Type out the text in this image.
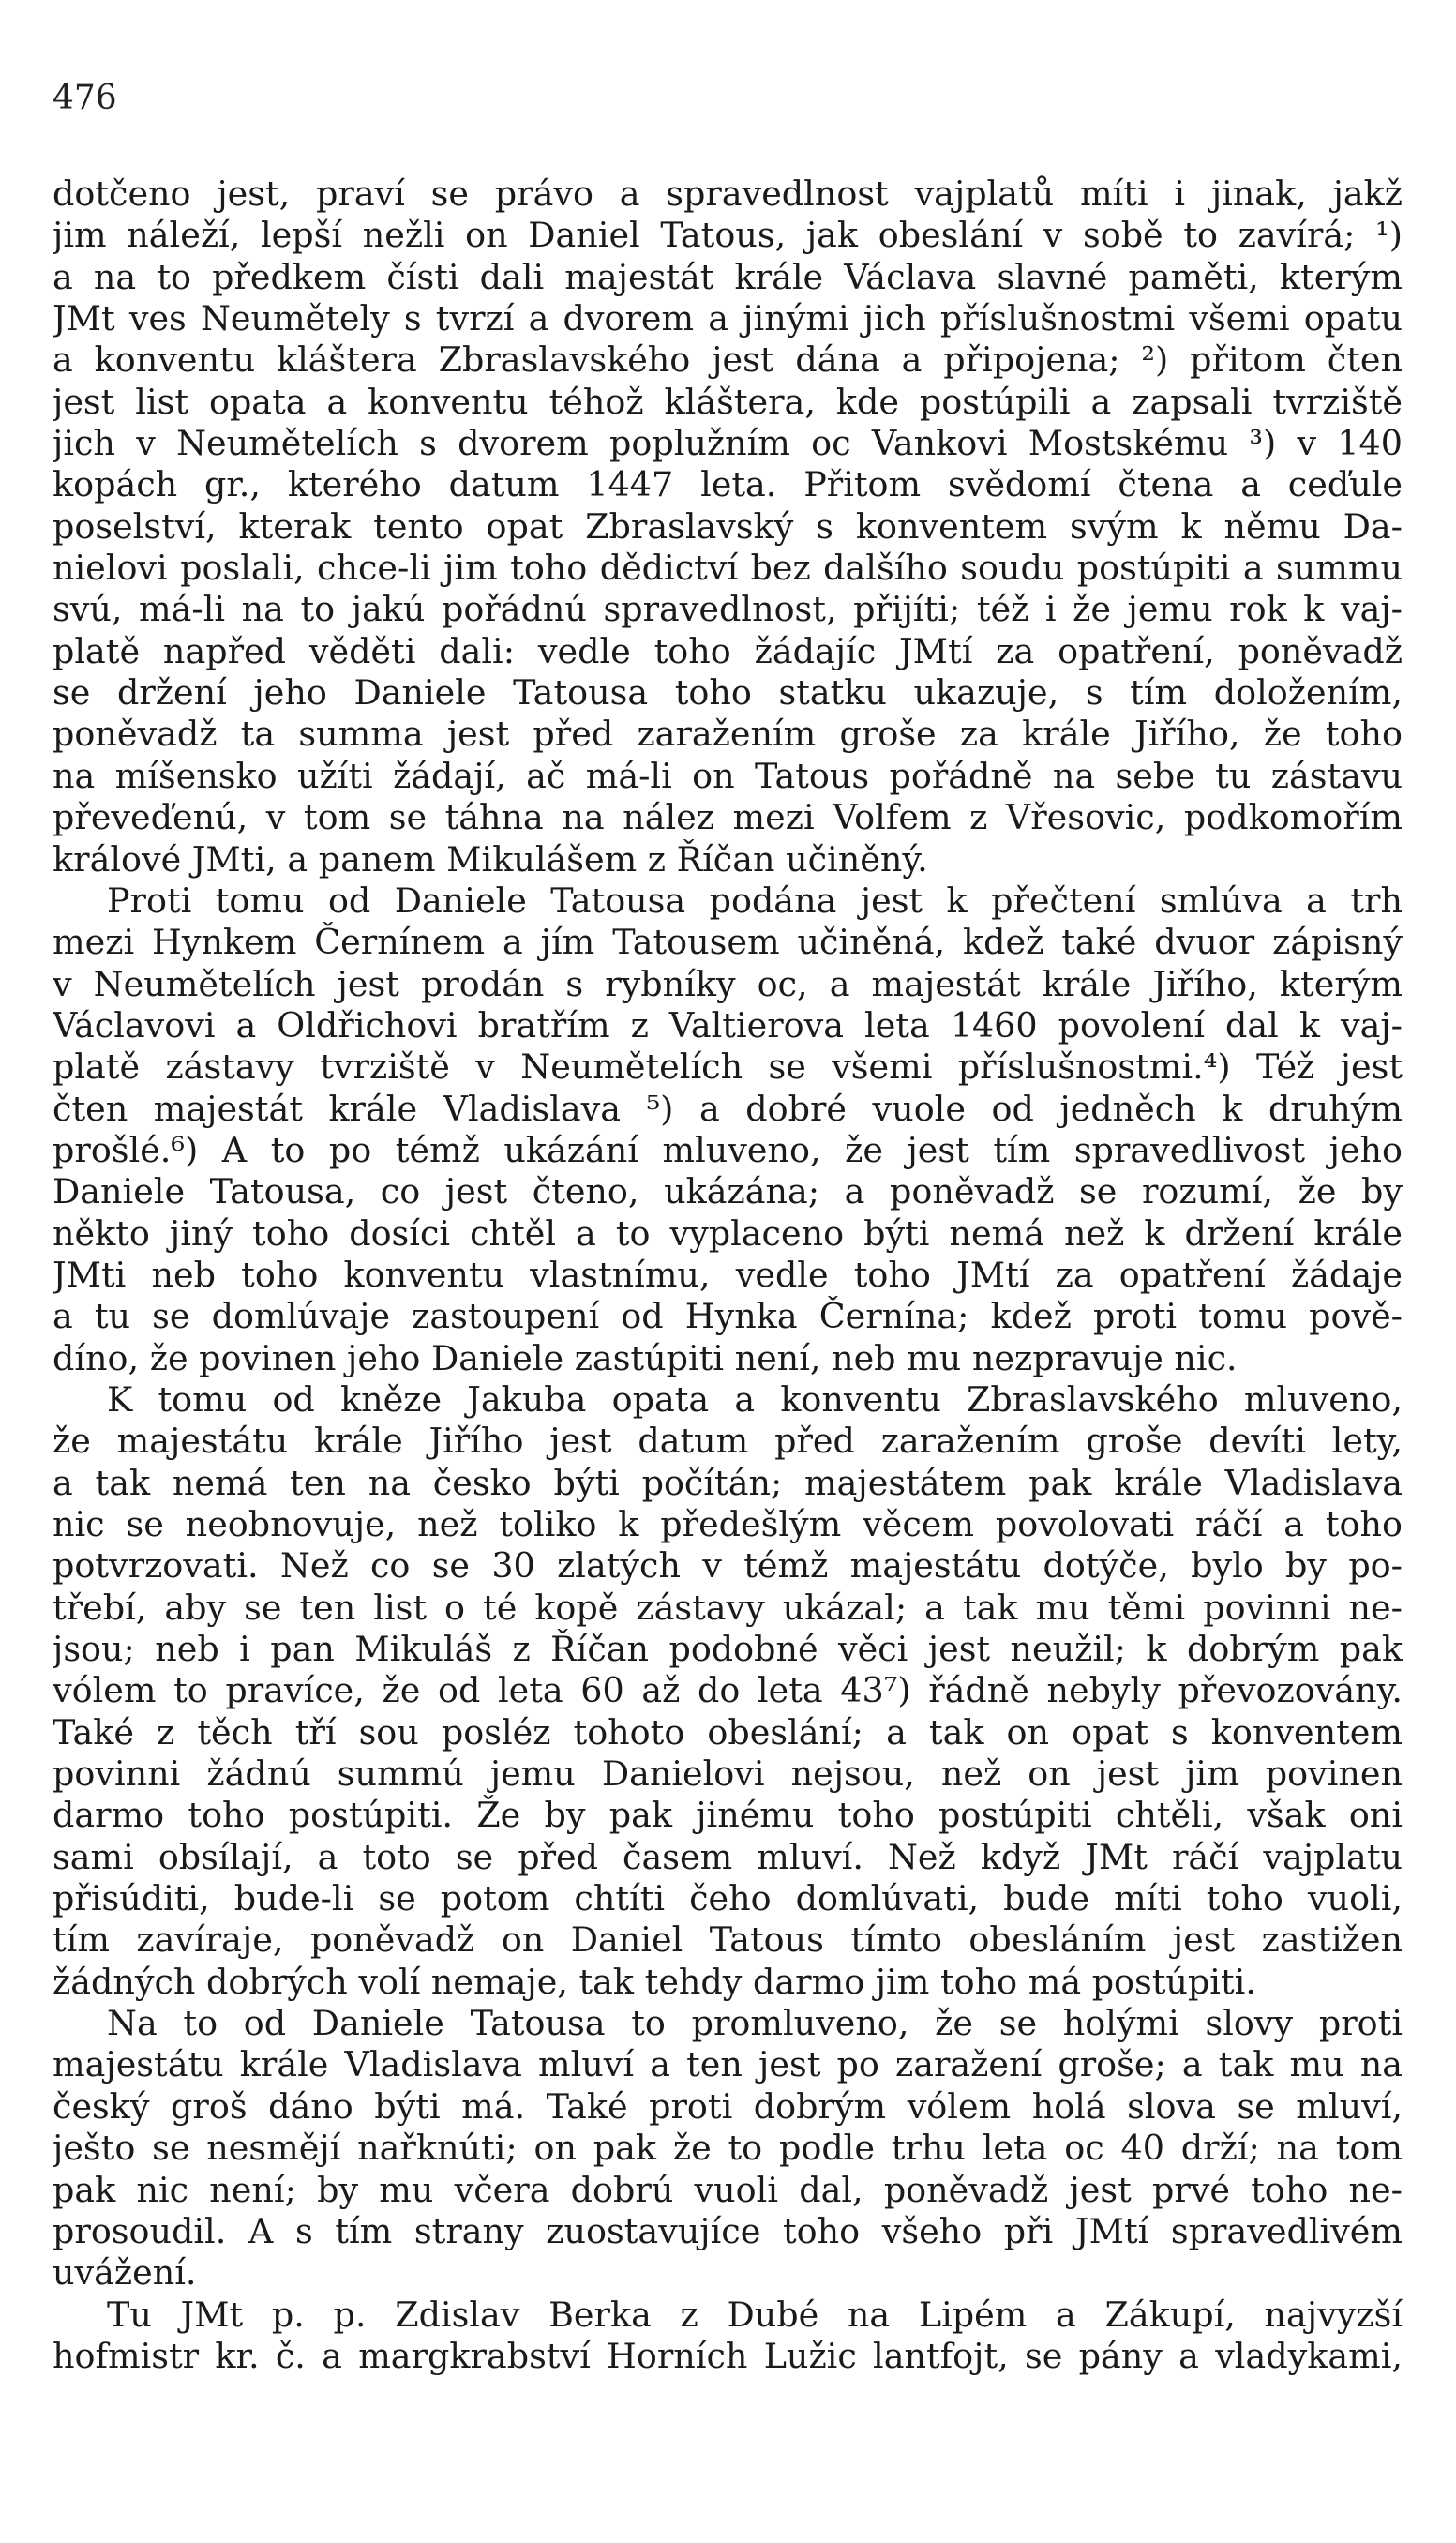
476
dotčeno jest, praví se právo a spravedlnost vajplatů míti i jinak, jakž
jim náleží, lepší nežli on Daniel Tatous, jak obeslání v sobě to zavírá; ¹)
a na to předkem čísti dali majestát krále Václava slavné paměti, kterým
JMt ves Neumětely s tvrzí a dvorem a jinými jich příslušnostmi všemi opatu
a konventu kláštera Zbraslavského jest dána a připojena; ²) přitom čten
jest list opata a konventu téhož kláštera, kde postúpili a zapsali tvrziště
jich v Neumětelích s dvorem poplužním oc Vankovi Mostskému ³) v 140
kopách gr., kterého datum 1447 leta. Přitom svědomí čtena a ceďule
poselství, kterak tento opat Zbraslavský s konventem svým k němu Da-
nielovi poslali, chce-li jim toho dědictví bez dalšího soudu postúpiti a summu
svú, má-li na to jakú pořádnú spravedlnost, přijíti; též i že jemu rok k vaj-
platě napřed věděti dali: vedle toho žádajíc JMtí za opatření, poněvadž
se držení jeho Daniele Tatousa toho statku ukazuje, s tím doložením,
poněvadž ta summa jest před zaražením groše za krále Jiřího, že toho
na míšensko užíti žádají, ač má-li on Tatous pořádně na sebe tu zástavu
převeďenú, v tom se táhna na nález mezi Volfem z Vřesovic, podkomořím
králové JMti, a panem Mikulášem z Říčan učiněný.
Proti tomu od Daniele Tatousa podána jest k přečtení smlúva a trh
mezi Hynkem Černínem a jím Tatousem učiněná, kdež také dvuor zápisný
v Neumětelích jest prodán s rybníky oc, a majestát krále Jiřího, kterým
Václavovi a Oldřichovi bratřím z Valtierova leta 1460 povolení dal k vaj-
platě zástavy tvrziště v Neumětelích se všemi příslušnostmi.⁴) Též jest
čten majestát krále Vladislava ⁵) a dobré vuole od jedněch k druhým
prošlé.⁶) A to po témž ukázání mluveno, že jest tím spravedlivost jeho
Daniele Tatousa, co jest čteno, ukázána; a poněvadž se rozumí, že by
někto jiný toho dosíci chtěl a to vyplaceno býti nemá než k držení krále
JMti neb toho konventu vlastnímu, vedle toho JMtí za opatření žádaje
a tu se domlúvaje zastoupení od Hynka Černína; kdež proti tomu pově-
díno, že povinen jeho Daniele zastúpiti není, neb mu nezpravuje nic.
K tomu od kněze Jakuba opata a konventu Zbraslavského mluveno,
že majestátu krále Jiřího jest datum před zaražením groše devíti lety,
a tak nemá ten na česko býti počítán; majestátem pak krále Vladislava
nic se neobnovuje, než toliko k předešlým věcem povolovati ráčí a toho
potvrzovati. Než co se 30 zlatých v témž majestátu dotýče, bylo by po-
třebí, aby se ten list o té kopě zástavy ukázal; a tak mu těmi povinni ne-
jsou; neb i pan Mikuláš z Říčan podobné věci jest neužil; k dobrým pak
vólem to pravíce, že od leta 60 až do leta 43⁷) řádně nebyly převozovány.
Také z těch tří sou posléz tohoto obeslání; a tak on opat s konventem
povinni žádnú summú jemu Danielovi nejsou, než on jest jim povinen
darmo toho postúpiti. Že by pak jinému toho postúpiti chtěli, však oni
sami obsílají, a toto se před časem mluví. Než když JMt ráčí vajplatu
přisúditi, bude-li se potom chtíti čeho domlúvati, bude míti toho vuoli,
tím zavíraje, poněvadž on Daniel Tatous tímto obesláním jest zastižen
žádných dobrých volí nemaje, tak tehdy darmo jim toho má postúpiti.
Na to od Daniele Tatousa to promluveno, že se holými slovy proti
majestátu krále Vladislava mluví a ten jest po zaražení groše; a tak mu na
český groš dáno býti má. Také proti dobrým vólem holá slova se mluví,
ješto se nesmějí nařknúti; on pak že to podle trhu leta oc 40 drží; na tom
pak nic není; by mu včera dobrú vuoli dal, poněvadž jest prvé toho ne-
prosoudil. A s tím strany zuostavujíce toho všeho při JMtí spravedlivém
uvážení.
Tu JMt p. p. Zdislav Berka z Dubé na Lipém a Zákupí, najvyzší
hofmistr kr. č. a margkrabství Horních Lužic lantfojt, se pány a vladykami,
